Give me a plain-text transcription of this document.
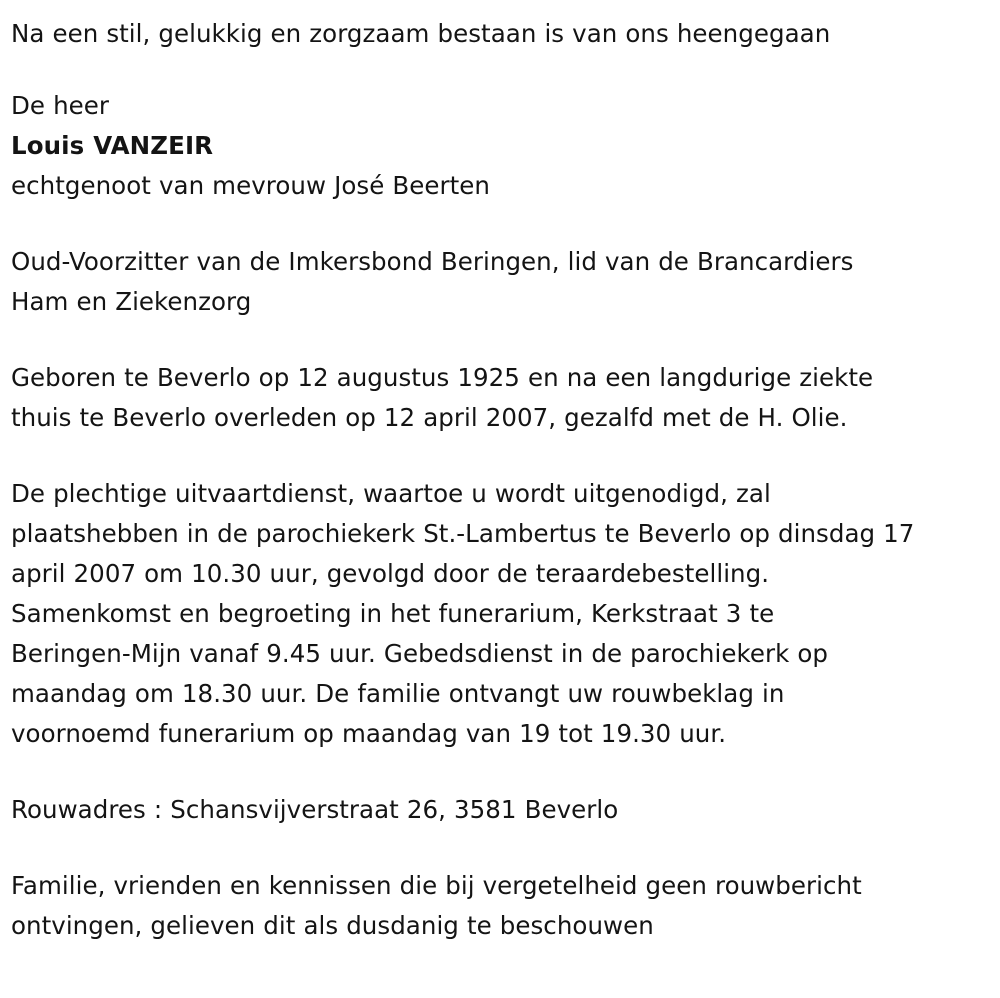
Na een stil, gelukkig en zorgzaam bestaan is van ons heengegaan

De heer

Louis VANZEIR

echtgenoot van mevrouw José Beerten

Oud-Voorzitter van de Imkersbond Beringen, lid van de Brancardiers

Ham en Ziekenzorg

Geboren te Beverlo op 12 augustus 1925 en na een langdurige ziekte

thuis te Beverlo overleden op 12 april 2007, gezalfd met de H. Olie.

De plechtige uitvaartdienst, waartoe u wordt uitgenodigd, zal

plaatshebben in de parochiekerk St.-Lambertus te Beverlo op dinsdag 17

april 2007 om 10.30 uur, gevolgd door de teraardebestelling.

Samenkomst en begroeting in het funerarium, Kerkstraat 3 te

Beringen-Mijn vanaf 9.45 uur. Gebedsdienst in de parochiekerk op

maandag om 18.30 uur. De familie ontvangt uw rouwbeklag in

voornoemd funerarium op maandag van 19 tot 19.30 uur.

Rouwadres : Schansvijverstraat 26, 3581 Beverlo

Familie, vrienden en kennissen die bij vergetelheid geen rouwbericht

ontvingen, gelieven dit als dusdanig te beschouwen
